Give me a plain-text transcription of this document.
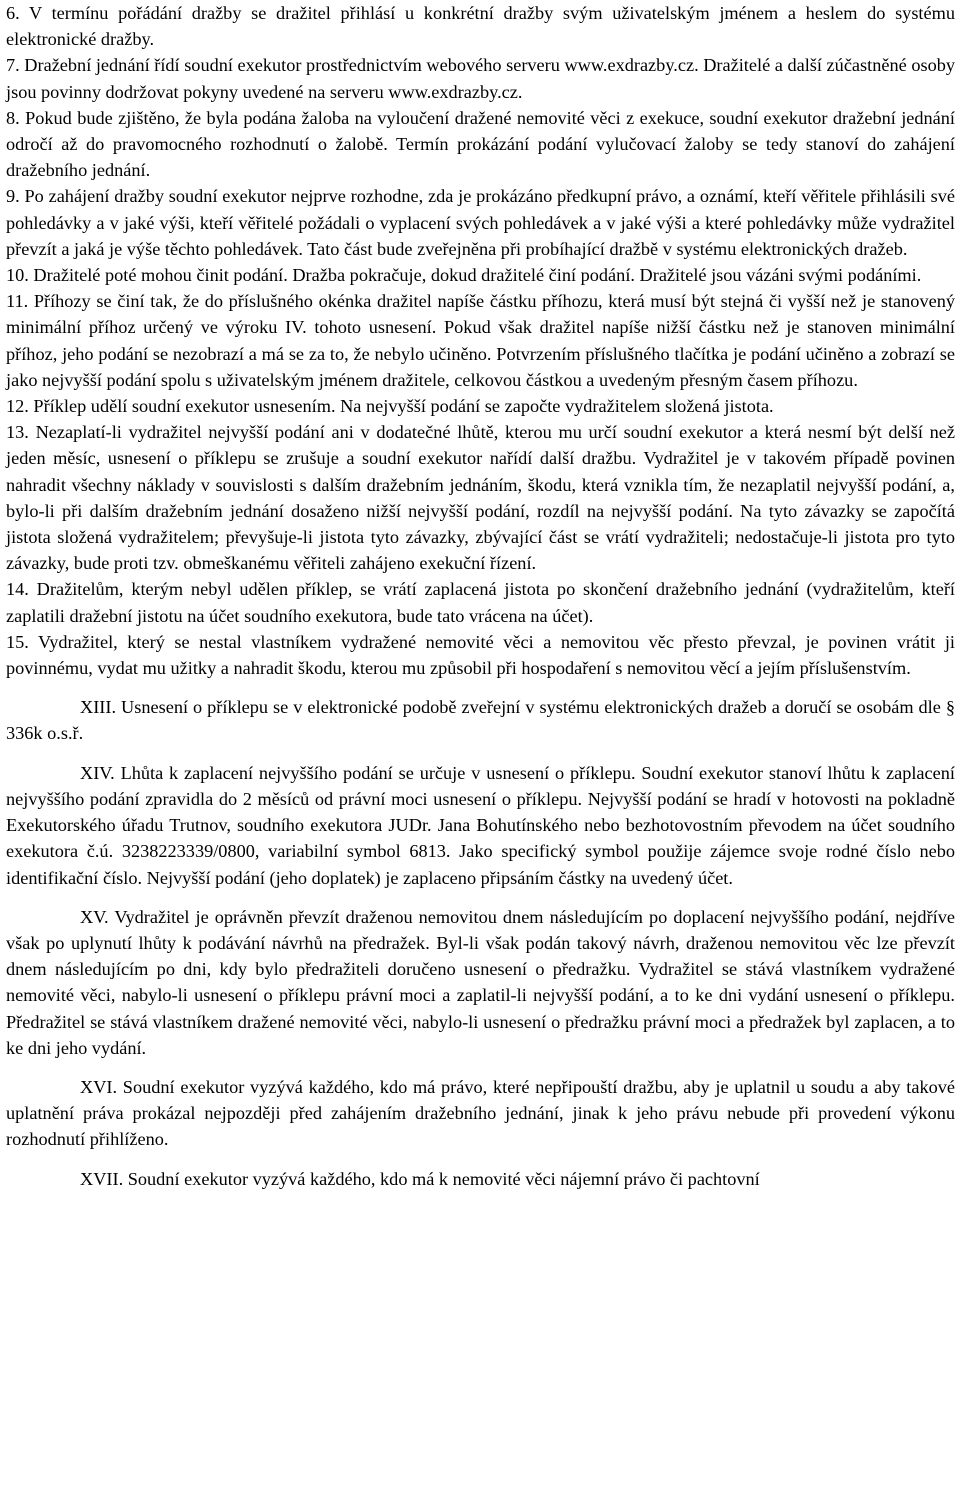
6. V termínu pořádání dražby se dražitel přihlásí u konkrétní dražby svým uživatelským jménem a heslem do systému elektronické dražby.

7. Dražební jednání řídí soudní exekutor prostřednictvím webového serveru www.exdrazby.cz. Dražitelé a další zúčastněné osoby jsou povinny dodržovat pokyny uvedené na serveru www.exdrazby.cz.

8. Pokud bude zjištěno, že byla podána žaloba na vyloučení dražené nemovité věci z exekuce, soudní exekutor dražební jednání odročí až do pravomocného rozhodnutí o žalobě. Termín prokázání podání vylučovací žaloby se tedy stanoví do zahájení dražebního jednání.

9. Po zahájení dražby soudní exekutor nejprve rozhodne, zda je prokázáno předkupní právo, a oznámí, kteří věřitele přihlásili své pohledávky a v jaké výši, kteří věřitelé požádali o vyplacení svých pohledávek a v jaké výši a které pohledávky může vydražitel převzít a jaká je výše těchto pohledávek. Tato část bude zveřejněna při probíhající dražbě v systému elektronických dražeb.

10. Dražitelé poté mohou činit podání. Dražba pokračuje, dokud dražitelé činí podání. Dražitelé jsou vázáni svými podáními.

11. Příhozy se činí tak, že do příslušného okénka dražitel napíše částku příhozu, která musí být stejná či vyšší než je stanovený minimální příhoz určený ve výroku IV. tohoto usnesení. Pokud však dražitel napíše nižší částku než je stanoven minimální příhoz, jeho podání se nezobrazí a má se za to, že nebylo učiněno. Potvrzením příslušného tlačítka je podání učiněno a zobrazí se jako nejvyšší podání spolu s uživatelským jménem dražitele, celkovou částkou a uvedeným přesným časem příhozu.

12. Příklep udělí soudní exekutor usnesením. Na nejvyšší podání se započte vydražitelem složená jistota.

13. Nezaplatí-li vydražitel nejvyšší podání ani v dodatečné lhůtě, kterou mu určí soudní exekutor a která nesmí být delší než jeden měsíc, usnesení o příklepu se zrušuje a soudní exekutor nařídí další dražbu. Vydražitel je v takovém případě povinen nahradit všechny náklady v souvislosti s dalším dražebním jednáním, škodu, která vznikla tím, že nezaplatil nejvyšší podání, a, bylo-li při dalším dražebním jednání dosaženo nižší nejvyšší podání, rozdíl na nejvyšší podání. Na tyto závazky se započítá jistota složená vydražitelem; převyšuje-li jistota tyto závazky, zbývající část se vrátí vydražiteli; nedostačuje-li jistota pro tyto závazky, bude proti tzv. obmeškanému věřiteli zahájeno exekuční řízení.

14. Dražitelům, kterým nebyl udělen příklep, se vrátí zaplacená jistota po skončení dražebního jednání (vydražitelům, kteří zaplatili dražební jistotu na účet soudního exekutora, bude tato vrácena na účet).

15. Vydražitel, který se nestal vlastníkem vydražené nemovité věci a nemovitou věc přesto převzal, je povinen vrátit ji povinnému, vydat mu užitky a nahradit škodu, kterou mu způsobil při hospodaření s nemovitou věcí a jejím příslušenstvím.

XIII. Usnesení o příklepu se v elektronické podobě zveřejní v systému elektronických dražeb a doručí se osobám dle § 336k o.s.ř.

XIV. Lhůta k zaplacení nejvyššího podání se určuje v usnesení o příklepu. Soudní exekutor stanoví lhůtu k zaplacení nejvyššího podání zpravidla do 2 měsíců od právní moci usnesení o příklepu. Nejvyšší podání se hradí v hotovosti na pokladně Exekutorského úřadu Trutnov, soudního exekutora JUDr. Jana Bohutínského nebo bezhotovostním převodem na účet soudního exekutora č.ú. 3238223339/0800, variabilní symbol 6813. Jako specifický symbol použije zájemce svoje rodné číslo nebo identifikační číslo. Nejvyšší podání (jeho doplatek) je zaplaceno připsáním částky na uvedený účet.

XV. Vydražitel je oprávněn převzít draženou nemovitou dnem následujícím po doplacení nejvyššího podání, nejdříve však po uplynutí lhůty k podávání návrhů na předražek. Byl-li však podán takový návrh, draženou nemovitou věc lze převzít dnem následujícím po dni, kdy bylo předražiteli doručeno usnesení o předražku. Vydražitel se stává vlastníkem vydražené nemovité věci, nabylo-li usnesení o příklepu právní moci a zaplatil-li nejvyšší podání, a to ke dni vydání usnesení o příklepu. Předražitel se stává vlastníkem dražené nemovité věci, nabylo-li usnesení o předražku právní moci a předražek byl zaplacen, a to ke dni jeho vydání.

XVI. Soudní exekutor vyzývá každého, kdo má právo, které nepřipouští dražbu, aby je uplatnil u soudu a aby takové uplatnění práva prokázal nejpozději před zahájením dražebního jednání, jinak k jeho právu nebude při provedení výkonu rozhodnutí přihlíženo.

XVII. Soudní exekutor vyzývá každého, kdo má k nemovité věci nájemní právo či pachtovní
